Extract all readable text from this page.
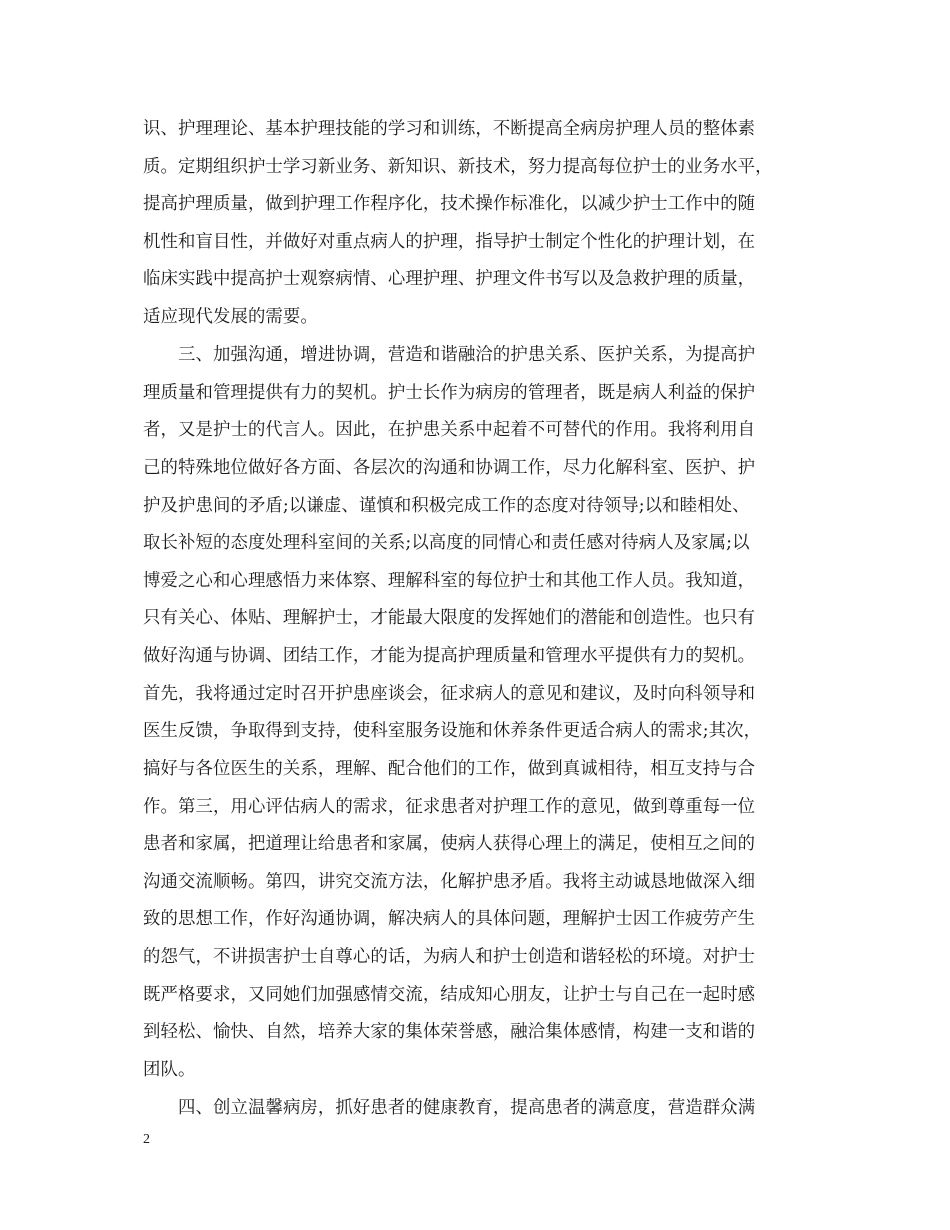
识、护理理论、基本护理技能的学习和训练，不断提高全病房护理人员的整体素
质。定期组织护士学习新业务、新知识、新技术，努力提高每位护士的业务水平，
提高护理质量，做到护理工作程序化，技术操作标准化，以减少护士工作中的随
机性和盲目性，并做好对重点病人的护理，指导护士制定个性化的护理计划，在
临床实践中提高护士观察病情、心理护理、护理文件书写以及急救护理的质量，
适应现代发展的需要。
三、加强沟通，增进协调，营造和谐融洽的护患关系、医护关系，为提高护
理质量和管理提供有力的契机。护士长作为病房的管理者，既是病人利益的保护
者，又是护士的代言人。因此，在护患关系中起着不可替代的作用。我将利用自
己的特殊地位做好各方面、各层次的沟通和协调工作，尽力化解科室、医护、护
护及护患间的矛盾;以谦虚、谨慎和积极完成工作的态度对待领导;以和睦相处、
取长补短的态度处理科室间的关系;以高度的同情心和责任感对待病人及家属;以
博爱之心和心理感悟力来体察、理解科室的每位护士和其他工作人员。我知道，
只有关心、体贴、理解护士，才能最大限度的发挥她们的潜能和创造性。也只有
做好沟通与协调、团结工作，才能为提高护理质量和管理水平提供有力的契机。
首先，我将通过定时召开护患座谈会，征求病人的意见和建议，及时向科领导和
医生反馈，争取得到支持，使科室服务设施和休养条件更适合病人的需求;其次，
搞好与各位医生的关系，理解、配合他们的工作，做到真诚相待，相互支持与合
作。第三，用心评估病人的需求，征求患者对护理工作的意见，做到尊重每一位
患者和家属，把道理让给患者和家属，使病人获得心理上的满足，使相互之间的
沟通交流顺畅。第四，讲究交流方法，化解护患矛盾。我将主动诚恳地做深入细
致的思想工作，作好沟通协调，解决病人的具体问题，理解护士因工作疲劳产生
的怨气，不讲损害护士自尊心的话，为病人和护士创造和谐轻松的环境。对护士
既严格要求，又同她们加强感情交流，结成知心朋友，让护士与自己在一起时感
到轻松、愉快、自然，培养大家的集体荣誉感，融洽集体感情，构建一支和谐的
团队。
四、创立温馨病房，抓好患者的健康教育，提高患者的满意度，营造群众满
2
